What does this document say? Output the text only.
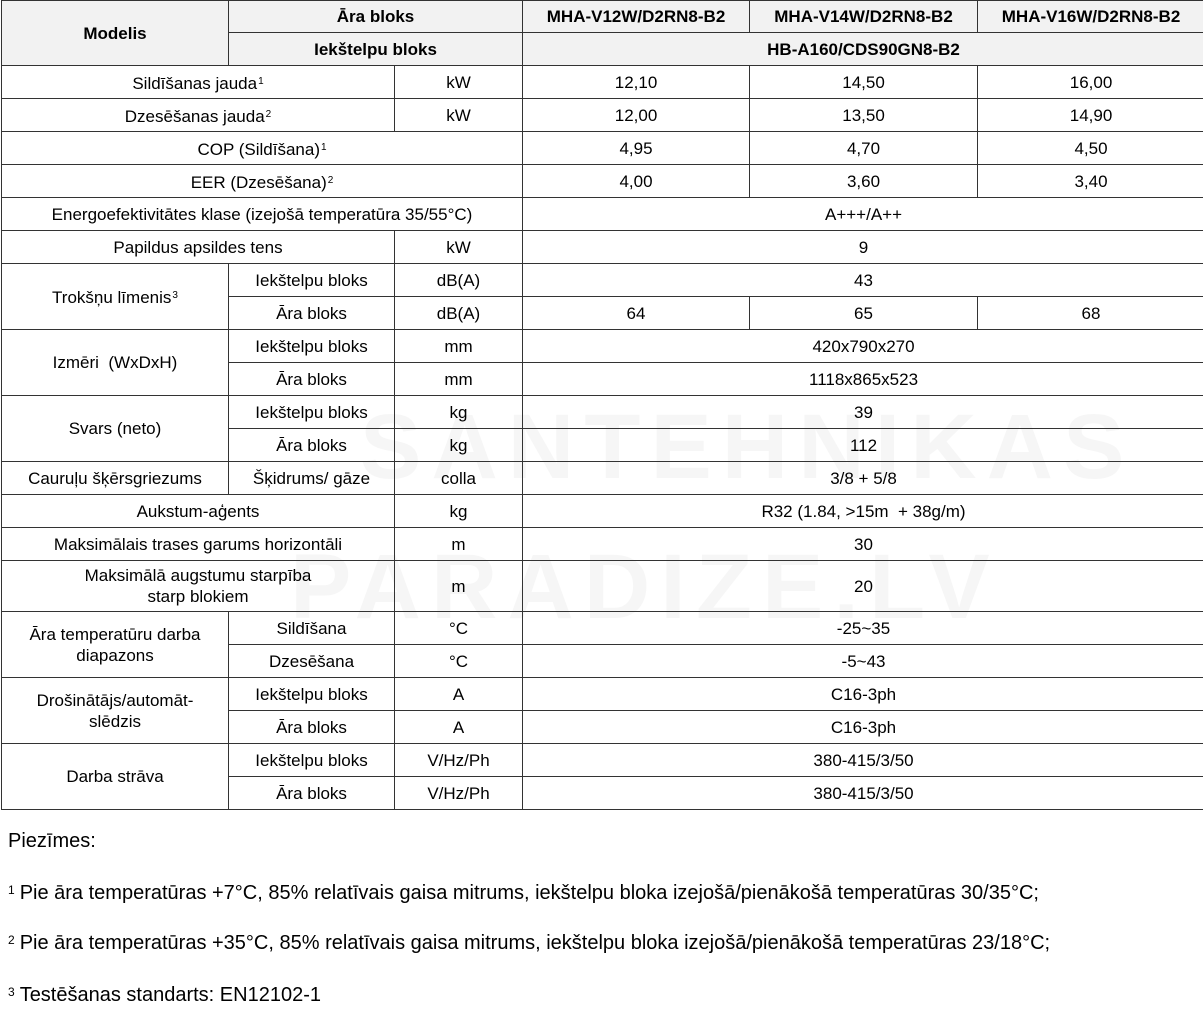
Modelis	Āra bloks		MHA-V12W/D2RN8-B2	MHA-V14W/D2RN8-B2	MHA-V16W/D2RN8-B2
	Iekštelpu bloks		HB-A160/CDS90GN8-B2		
Sildīšanas jauda$^1$		kW	12,10	14,50	16,00
Dzesēšanas jauda$^2$		kW	12,00	13,50	14,90
COP (Sildīšana)$^1$			4,95	4,70	4,50
EER (Dzesēšana)$^2$			4,00	3,60	3,40
Energoefektivitātes klase (izejošā temperatūra 35/55°C)			A+++/A++		
Papildus apsildes tens		kW	9		
Trokšņu līmenis$^3$	Iekštelpu bloks	dB(A)	43		
	Āra bloks	dB(A)	64	65	68
Izmēri  (WxDxH)	Iekštelpu bloks	mm	420x790x270		
	Āra bloks	mm	1118x865x523		
Svars (neto)	Iekštelpu bloks	kg	39		
	Āra bloks	kg	112		
Cauruļu šķērsgriezums	Šķidrums/ gāze	colla	3/8 + 5/8		
Aukstum-aģents		kg	R32 (1.84, >15m  + 38g/m)		
Maksimālais trases garums horizontāli		m	30		
Maksimālā augstumu starpība starp blokiem		m	20		
Āra temperatūru darba diapazons	Sildīšana	°C	-25~35		
	Dzesēšana	°C	-5~43		
Drošinātājs/automāt-slēdzis	Iekštelpu bloks	A	C16-3ph		
	Āra bloks	A	C16-3ph		
Darba strāva	Iekštelpu bloks	V/Hz/Ph	380-415/3/50		
	Āra bloks	V/Hz/Ph	380-415/3/50		
Piezīmes:
$^1$ Pie āra temperatūras +7°C, 85% relatīvais gaisa mitrums, iekštelpu bloka izejošā/pienākošā temperatūras 30/35°C;
$^2$ Pie āra temperatūras +35°C, 85% relatīvais gaisa mitrums, iekštelpu bloka izejošā/pienākošā temperatūras 23/18°C;
$^3$ Testēšanas standarts: EN12102-1
